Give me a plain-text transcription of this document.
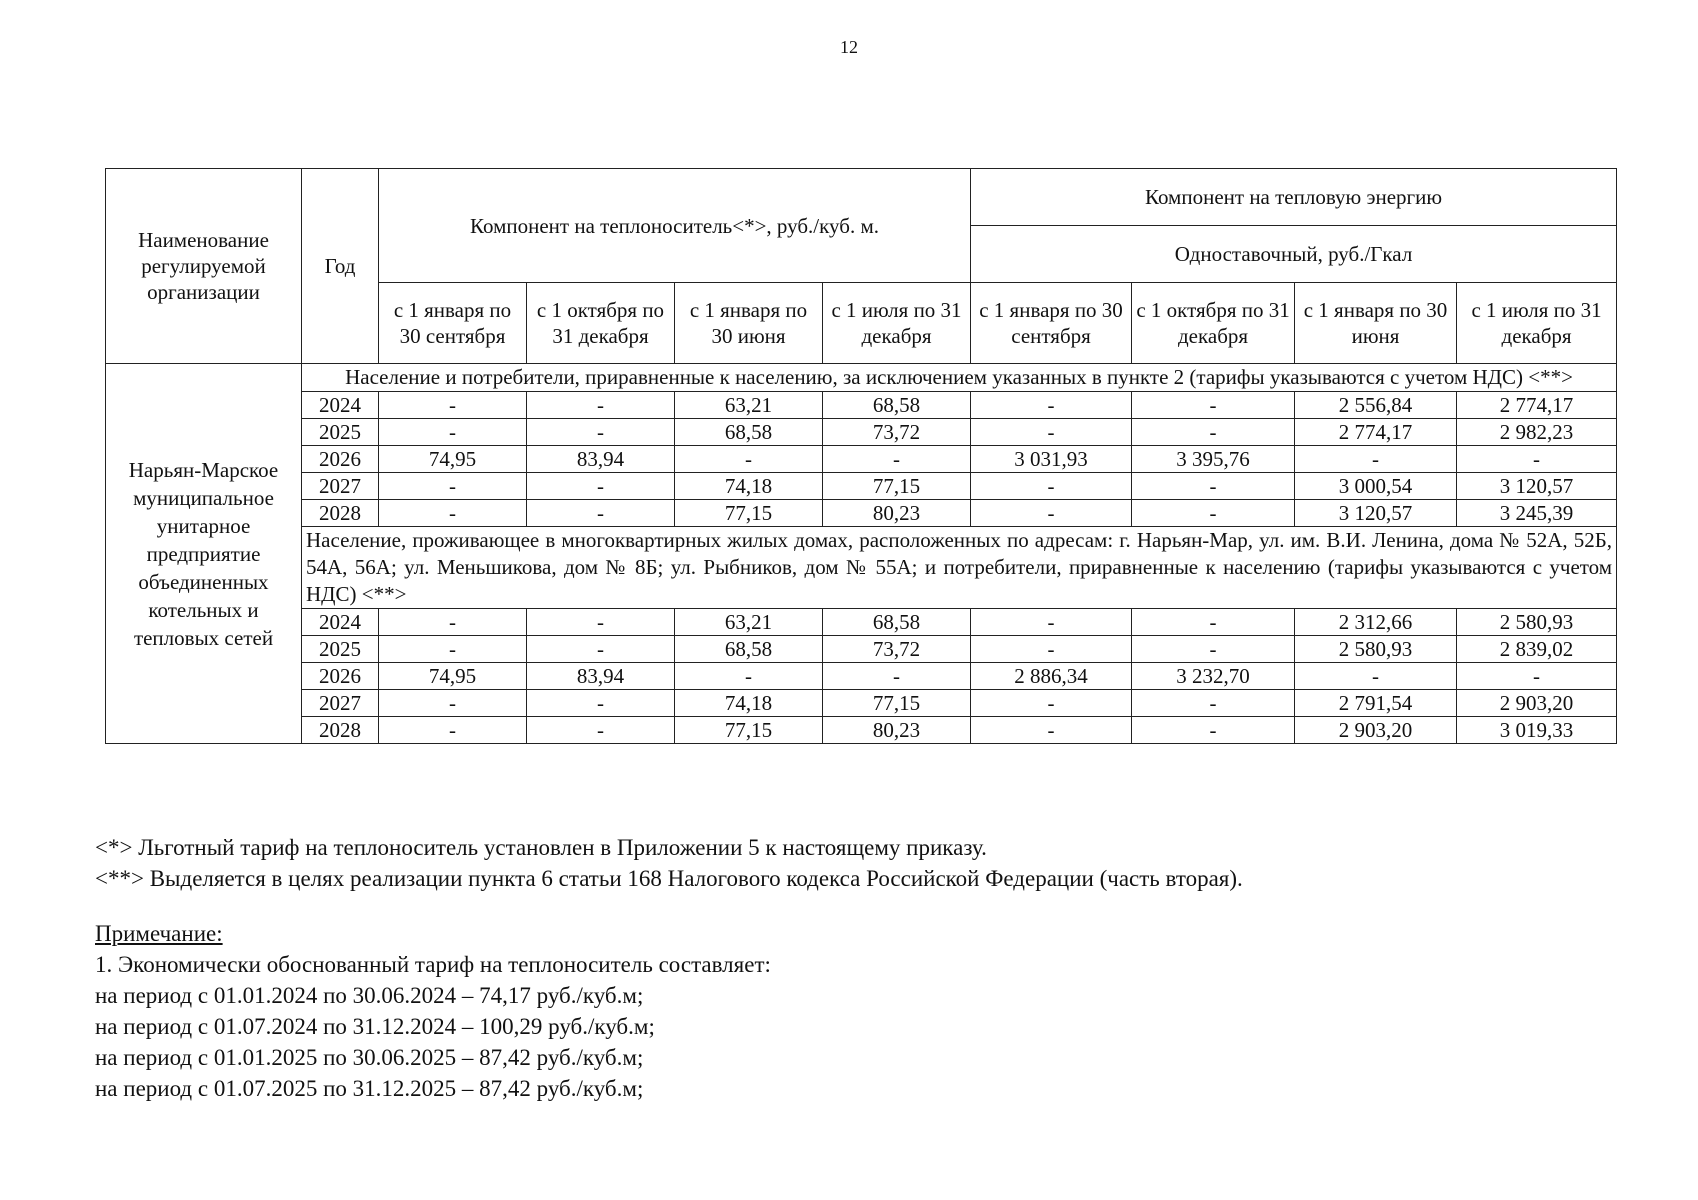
12
Наименование регулируемой организации	Год	Компонент на теплоноситель<*>, руб./куб. м.				Компонент на тепловую энергию			
						Одноставочный, руб./Гкал			
		с 1 января по 30 сентября	с 1 октября по 31 декабря	с 1 января по 30 июня	с 1 июля по 31 декабря	с 1 января по 30 сентября	с 1 октября по 31 декабря	с 1 января по 30 июня	с 1 июля по 31 декабря
Нарьян-Марское муниципальное унитарное предприятие объединенных котельных и тепловых сетей	Население и потребители, приравненные к населению, за исключением указанных в пункте 2 (тарифы указываются с учетом НДС) <**>								
	2024	-	-	63,21	68,58	-	-	2 556,84	2 774,17
	2025	-	-	68,58	73,72	-	-	2 774,17	2 982,23
	2026	74,95	83,94	-	-	3 031,93	3 395,76	-	-
	2027	-	-	74,18	77,15	-	-	3 000,54	3 120,57
	2028	-	-	77,15	80,23	-	-	3 120,57	3 245,39
	Население, проживающее в многоквартирных жилых домах, расположенных по адресам: г. Нарьян-Мар, ул. им. В.И. Ленина, дома № 52А, 52Б, 54А, 56А; ул. Меньшикова, дом № 8Б; ул. Рыбников, дом № 55А; и потребители, приравненные к населению (тарифы указываются с учетом НДС) <**>								
	2024	-	-	63,21	68,58	-	-	2 312,66	2 580,93
	2025	-	-	68,58	73,72	-	-	2 580,93	2 839,02
	2026	74,95	83,94	-	-	2 886,34	3 232,70	-	-
	2027	-	-	74,18	77,15	-	-	2 791,54	2 903,20
	2028	-	-	77,15	80,23	-	-	2 903,20	3 019,33
<*> Льготный тариф на теплоноситель установлен в Приложении 5 к настоящему приказу.
<**> Выделяется в целях реализации пункта 6 статьи 168 Налогового кодекса Российской Федерации (часть вторая).
Примечание:
1. Экономически обоснованный тариф на теплоноситель составляет:
на период с 01.01.2024 по 30.06.2024 – 74,17 руб./куб.м;
на период с 01.07.2024 по 31.12.2024 – 100,29 руб./куб.м;
на период с 01.01.2025 по 30.06.2025 – 87,42 руб./куб.м;
на период с 01.07.2025 по 31.12.2025 – 87,42 руб./куб.м;
